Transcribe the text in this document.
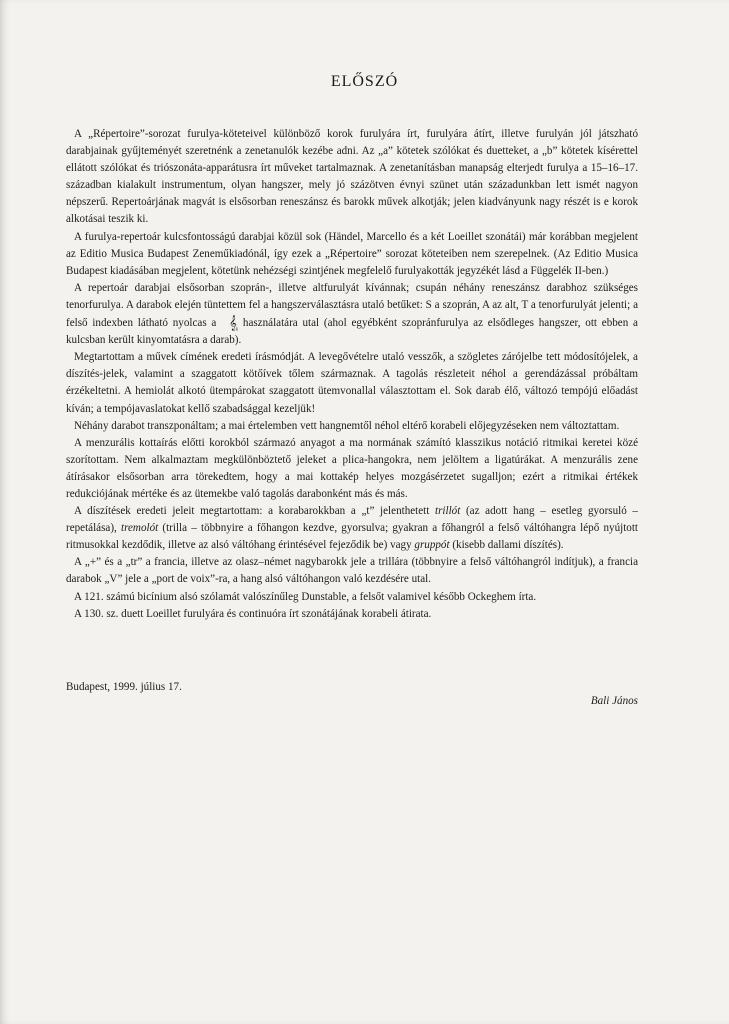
ELŐSZÓ

A „Répertoire”-sorozat furulya-köteteivel különböző korok furulyára írt, furulyára átírt, illetve furulyán jól játszható darabjainak gyűjteményét szeretnénk a zenetanulók kezébe adni. Az „a” kötetek szólókat és duetteket, a „b” kötetek kísérettel ellátott szólókat és triószonáta-apparátusra írt műveket tartalmaznak. A zenetanításban manapság elterjedt furulya a 15–16–17. században kialakult instrumentum, olyan hangszer, mely jó százötven évnyi szünet után századunkban lett ismét nagyon népszerű. Repertoárjának magvát is elsősorban reneszánsz és barokk művek alkotják; jelen kiadványunk nagy részét is e korok alkotásai teszik ki.

A furulya-repertoár kulcsfontosságú darabjai közül sok (Händel, Marcello és a két Loeillet szonátái) már korábban megjelent az Editio Musica Budapest Zeneműkiadónál, így ezek a „Répertoire” sorozat köteteiben nem szerepelnek. (Az Editio Musica Budapest kiadásában megjelent, kötetünk nehézségi szintjének megfelelő furulyakották jegyzékét lásd a Függelék II-ben.)

A repertoár darabjai elsősorban szoprán-, illetve altfurulyát kívánnak; csupán néhány reneszánsz darabhoz szükséges tenorfurulya. A darabok elején tüntettem fel a hangszerválasztásra utaló betűket: S a szoprán, A az alt, T a tenorfurulyát jelenti; a felső indexben látható nyolcas a 𝄠 használatára utal (ahol egyébként szopránfurulya az elsődleges hangszer, ott ebben a kulcsban került kinyomtatásra a darab).

Megtartottam a művek címének eredeti írásmódját. A levegővételre utaló vesszők, a szögletes zárójelbe tett módosítójelek, a díszítés-jelek, valamint a szaggatott kötőívek tőlem származnak. A tagolás részleteit néhol a gerendázással próbáltam érzékeltetni. A hemiolát alkotó ütempárokat szaggatott ütemvonallal választottam el. Sok darab élő, változó tempójú előadást kíván; a tempójavaslatokat kellő szabadsággal kezeljük!

Néhány darabot transzponáltam; a mai értelemben vett hangnemtől néhol eltérő korabeli előjegyzéseken nem változtattam.

A menzurális kottaírás előtti korokból származó anyagot a ma normának számító klasszikus notáció ritmikai keretei közé szorítottam. Nem alkalmaztam megkülönböztető jeleket a plica-hangokra, nem jelöltem a ligatúrákat. A menzurális zene átírásakor elsősorban arra törekedtem, hogy a mai kottakép helyes mozgásérzetet sugalljon; ezért a ritmikai értékek redukciójának mértéke és az ütemekbe való tagolás darabonként más és más.

A díszítések eredeti jeleit megtartottam: a korabarokkban a „t” jelenthetett trillót (az adott hang – esetleg gyorsuló – repetálása), tremolót (trilla – többnyire a főhangon kezdve, gyorsulva; gyakran a főhangról a felső váltóhangra lépő nyújtott ritmusokkal kezdődik, illetve az alsó váltóhang érintésével fejeződik be) vagy gruppót (kisebb dallami díszítés).

A „+” és a „tr” a francia, illetve az olasz–német nagybarokk jele a trillára (többnyire a felső váltóhangról indítjuk), a francia darabok „V” jele a „port de voix”-ra, a hang alsó váltóhangon való kezdésére utal.

A 121. számú bicínium alsó szólamát valószínűleg Dunstable, a felsőt valamivel később Ockeghem írta.

A 130. sz. duett Loeillet furulyára és continuóra írt szonátájának korabeli átirata.

Budapest, 1999. július 17.
Bali János
